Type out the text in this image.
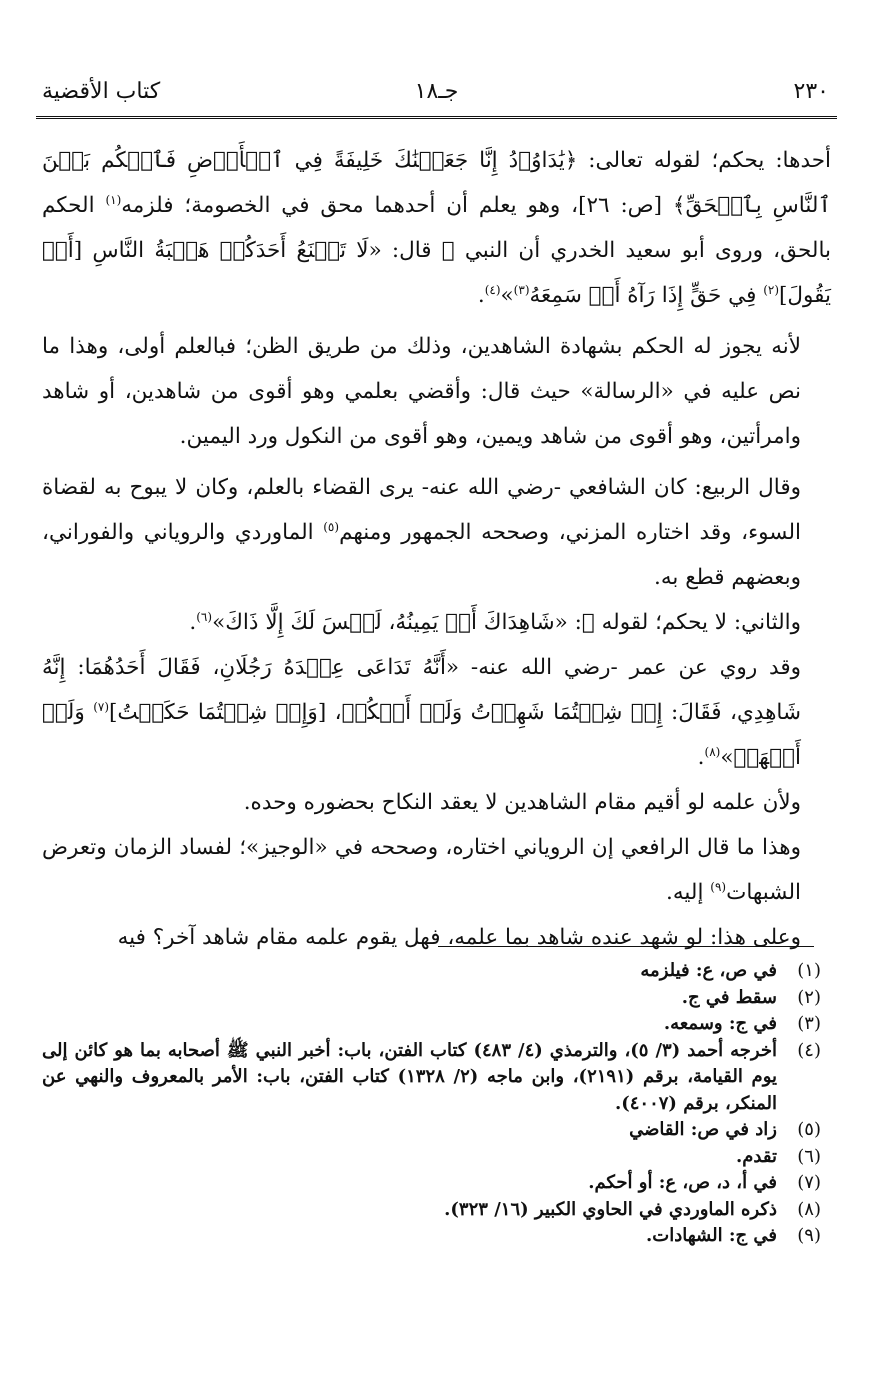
٢٣٠
جـ١٨
كتاب الأقضية

أحدها: يحكم؛ لقوله تعالى: ﴿يَٰدَاوُۥدُ إِنَّا جَعَلۡنَٰكَ خَلِيفَةً فِي ٱلۡأَرۡضِ فَٱحۡكُم بَيۡنَ ٱلنَّاسِ بِٱلۡحَقِّ﴾ [ص: ٢٦]، وهو يعلم أن أحدهما محق في الخصومة؛ فلزمه$^{(١)}$ الحكم بالحق، وروى أبو سعيد الخدري أن النبي ﷺ قال: «لَا تَمۡنَعُ أَحَدَكُمۡ هَيۡبَةُ النَّاسِ [أَنۡ يَقُولَ]$^{(٢)}$ فِي حَقٍّ إِذَا رَآهُ أَوۡ سَمِعَهُ$^{(٣)}$»$^{(٤)}$.

لأنه يجوز له الحكم بشهادة الشاهدين، وذلك من طريق الظن؛ فبالعلم أولى، وهذا ما نص عليه في «الرسالة» حيث قال: وأقضي بعلمي وهو أقوى من شاهدين، أو شاهد وامرأتين، وهو أقوى من شاهد ويمين، وهو أقوى من النكول ورد اليمين.

وقال الربيع: كان الشافعي -رضي الله عنه- يرى القضاء بالعلم، وكان لا يبوح به لقضاة السوء، وقد اختاره المزني، وصححه الجمهور ومنهم$^{(٥)}$ الماوردي والروياني والفوراني، وبعضهم قطع به.

والثاني: لا يحكم؛ لقوله ﷺ: «شَاهِدَاكَ أَوۡ يَمِينُهُ، لَيۡسَ لَكَ إِلَّا ذَاكَ»$^{(٦)}$.

وقد روي عن عمر -رضي الله عنه- «أَنَّهُ تَدَاعَى عِنۡدَهُ رَجُلَانِ، فَقَالَ أَحَدُهُمَا: إِنَّهُ شَاهِدِي، فَقَالَ: إِنۡ شِئۡتُمَا شَهِدۡتُ وَلَمۡ أَحۡكُمۡ، [وَإِنۡ شِئۡتُمَا حَكَمۡتُ]$^{(٧)}$ وَلَمۡ أَشۡهَدۡ»$^{(٨)}$.

ولأن علمه لو أقيم مقام الشاهدين لا يعقد النكاح بحضوره وحده.

وهذا ما قال الرافعي إن الروياني اختاره، وصححه في «الوجيز»؛ لفساد الزمان وتعرض الشبهات$^{(٩)}$ إليه.

وعلى هذا: لو شهد عنده شاهد بما علمه، فهل يقوم علمه مقام شاهد آخر؟ فيه

(١)
في ص، ع: فيلزمه
(٢)
سقط في ج.
(٣)
في ج: وسمعه.
(٤)
أخرجه أحمد (٣/ ٥)، والترمذي (٤/ ٤٨٣) كتاب الفتن، باب: أخبر النبي ﷺ أصحابه بما هو كائن إلى يوم القيامة، برقم (٢١٩١)، وابن ماجه (٢/ ١٣٢٨) كتاب الفتن، باب: الأمر بالمعروف والنهي عن المنكر، برقم (٤٠٠٧).
(٥)
زاد في ص: القاضي
(٦)
تقدم.
(٧)
في أ، د، ص، ع: أو أحكم.
(٨)
ذكره الماوردي في الحاوي الكبير (١٦/ ٣٢٣).
(٩)
في ج: الشهادات.
